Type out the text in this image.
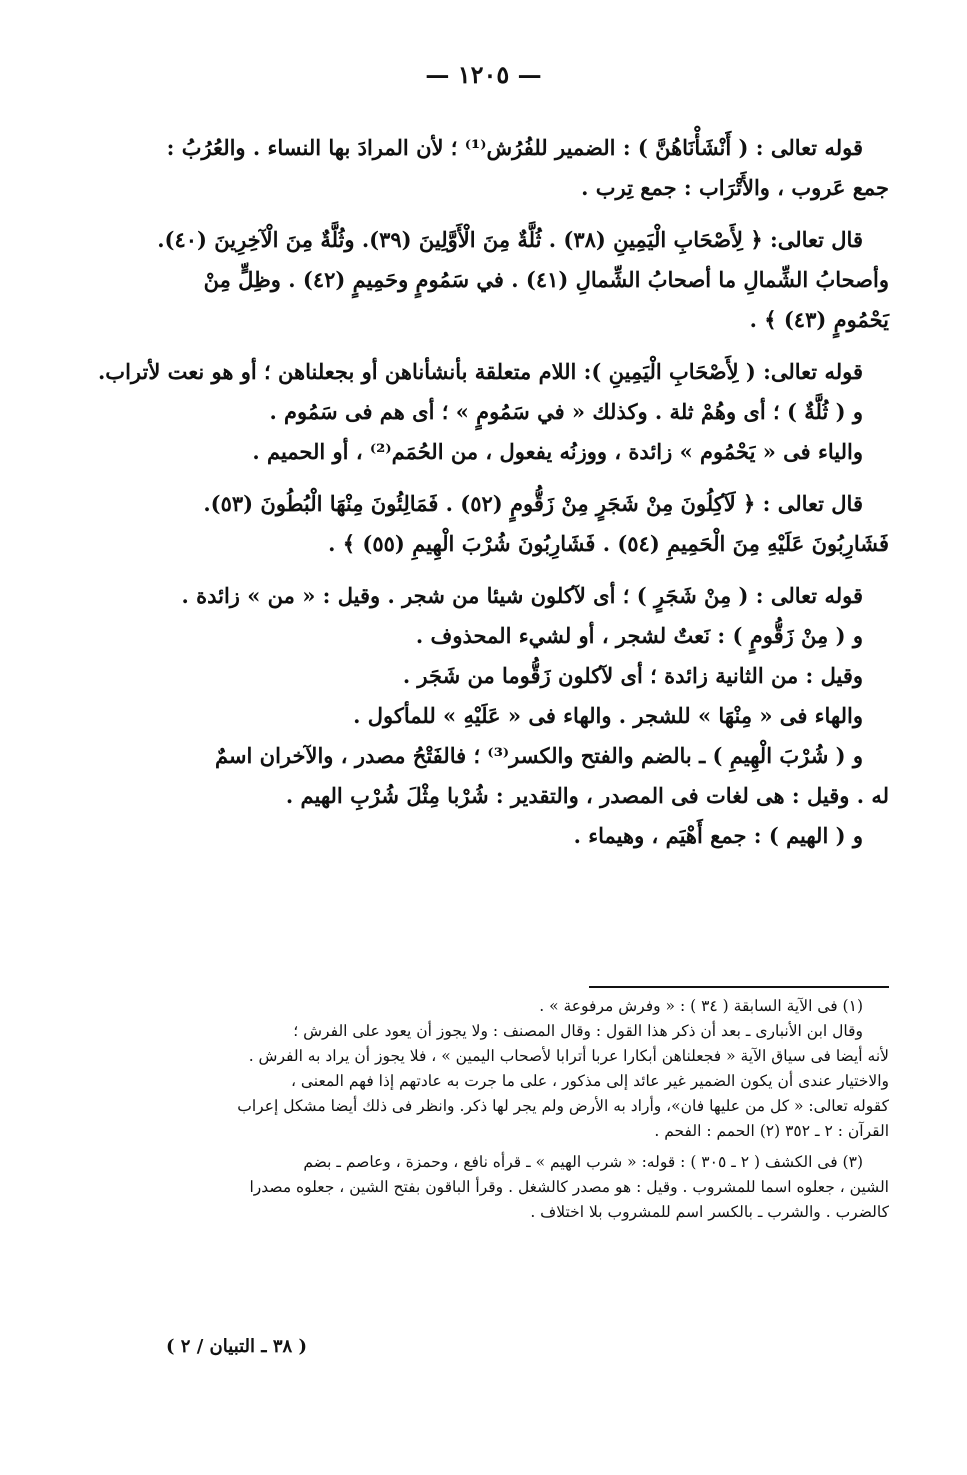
— ١٢٠٥ —

قوله تعالى : ( أَنْشَأْنَاهُنَّ ) : الضمير للفُرُش⁽¹⁾ ؛ لأن المرادَ بها النساء . والعُرُبُ :

جمع عَروب ، والأَتْرَاب : جمع تِرب .

قال تعالى: ﴿ لِأَصْحَابِ الْيَمِينِ (٣٨) . ثُلَّةٌ مِنَ الْأَوَّلِينَ (٣٩). وثُلَّةٌ مِنَ الْآخِرِينَ (٤٠).

وأصحابُ الشِّمالِ ما أصحابُ الشِّمالِ (٤١) . في سَمُومٍ وحَمِيمٍ (٤٢) . وظِلٍّ مِنْ

يَحْمُومٍ (٤٣) ﴾ .

قوله تعالى: ( لِأَصْحَابِ الْيَمِينِ ): اللام متعلقة بأنشأناهن أو بجعلناهن ؛ أو هو نعت لأتراب.

و ( ثُلَّةٌ ) ؛ أى وهُمْ ثلة . وكذلك « في سَمُومٍ » ؛ أى هم فى سَمُوم .

والياء فى « يَحْمُوم » زائدة ، ووزنُه يفعول ، من الحُمَم⁽²⁾ ، أو الحميم .

قال تعالى : ﴿ لَآكِلُونَ مِنْ شَجَرٍ مِنْ زَقُّومٍ (٥٢) . فَمَالِئُونَ مِنْهَا الْبُطُونَ (٥٣).

فَشَارِبُونَ عَلَيْهِ مِنَ الْحَمِيمِ (٥٤) . فَشَارِبُونَ شُرْبَ الْهِيمِ (٥٥) ﴾ .

قوله تعالى : ( مِنْ شَجَرٍ ) ؛ أى لآكلون شيئا من شجر . وقيل : « من » زائدة .

و ( مِنْ زَقُّومٍ ) : نَعتٌ لشجر ، أو لشيء المحذوف .

وقيل : من الثانية زائدة ؛ أى لآكلون زَقُّوما من شَجَر .

والهاء فى « مِنْهَا » للشجر . والهاء فى « عَلَيْهِ » للمأكول .

و ( شُرْبَ الْهِيمِ ) ـ بالضم والفتح والكسر⁽³⁾ ؛ فالفَتْحُ مصدر ، والآخران اسمٌ

له . وقيل : هى لغات فى المصدر ، والتقدير : شُرْبا مِثْلَ شُرْبِ الهيم .

و ( الهيم ) : جمع أَهْيَم ، وهيماء .

(١) فى الآية السابقة ( ٣٤ ) : « وفرش مرفوعة » .

وقال ابن الأنبارى ـ بعد أن ذكر هذا القول : وقال المصنف : ولا يجوز أن يعود على الفرش ؛

لأنه أيضا فى سياق الآية « فجعلناهن أبكارا عربا أترابا لأصحاب اليمين » ، فلا يجوز أن يراد به الفرش .

والاختيار عندى أن يكون الضمير غير عائد إلى مذكور ، على ما جرت به عادتهم إذا فهم المعنى ،

كقوله تعالى: « كل من عليها فان»، وأراد به الأرض ولم يجر لها ذكر. وانظر فى ذلك أيضا مشكل إعراب

القرآن : ٢ ـ ٣٥٢ (٢) الحمم : الفحم .

(٣) فى الكشف ( ٢ ـ ٣٠٥ ) : قوله: « شرب الهيم » ـ قرأه نافع ، وحمزة ، وعاصم ـ بضم

الشين ، جعلوه اسما للمشروب . وقيل : هو مصدر كالشغل . وقرأ الباقون بفتح الشين ، جعلوه مصدرا

كالضرب . والشرب ـ بالكسر اسم للمشروب بلا اختلاف .

( ٣٨ ـ التبيان / ٢ )
